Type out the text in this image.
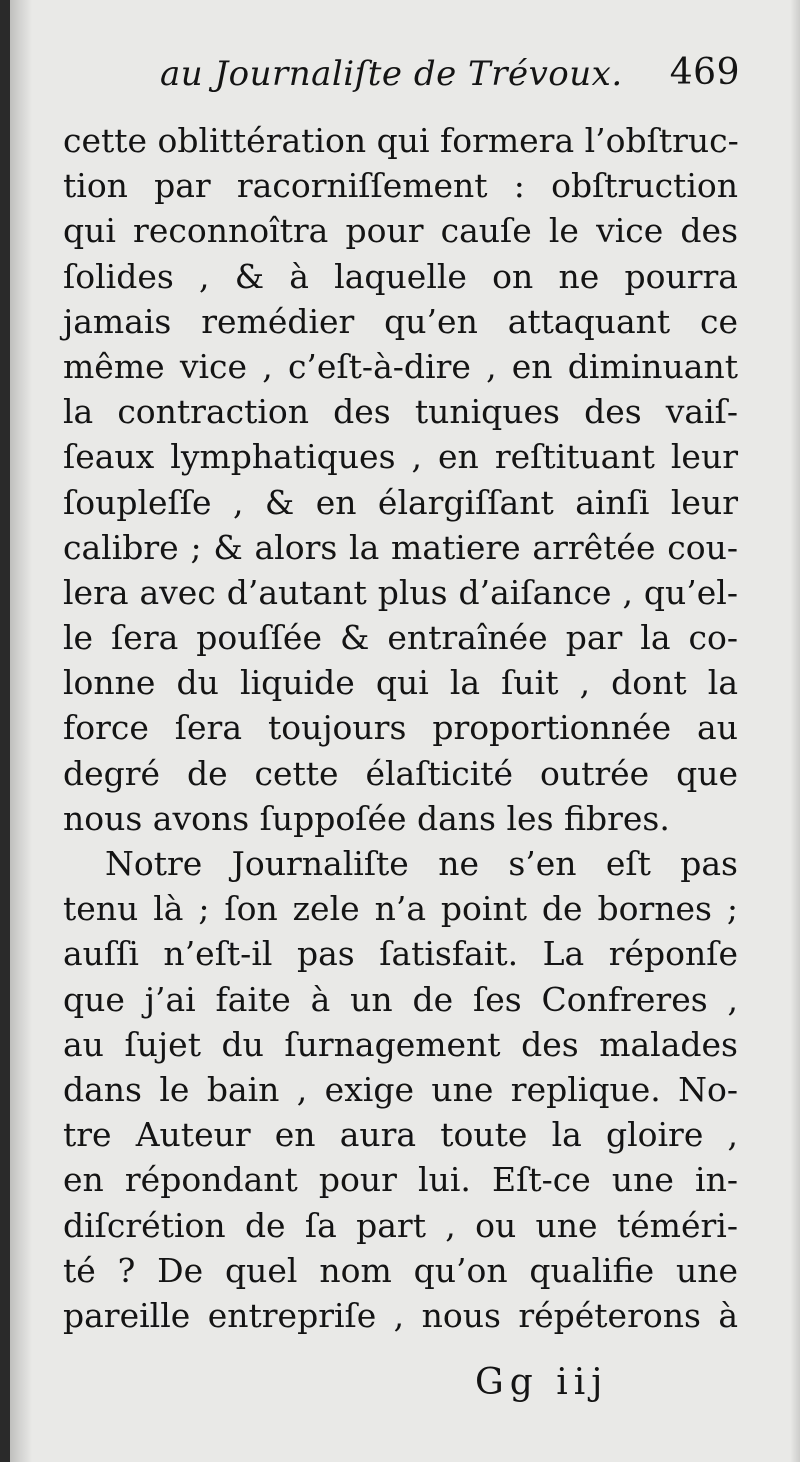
au Journaliſte de Trévoux. 469
cette oblittération qui formera l’obſtruc-
tion par racorniſſement : obſtruction
qui reconnoîtra pour cauſe le vice des
ſolides , & à laquelle on ne pourra
jamais remédier qu’en attaquant ce
même vice , c’eſt-à-dire , en diminuant
la contraction des tuniques des vaiſ-
ſeaux lymphatiques , en reſtituant leur
ſoupleſſe , & en élargiſſant ainſi leur
calibre ; & alors la matiere arrêtée cou-
lera avec d’autant plus d’aiſance , qu’el-
le ſera pouſſée & entraînée par la co-
lonne du liquide qui la ſuit , dont la
force ſera toujours proportionnée au
degré de cette élaſticité outrée que
nous avons ſuppoſée dans les fibres.
Notre Journaliſte ne s’en eſt pas
tenu là ; ſon zele n’a point de bornes ;
auſſi n’eſt-il pas ſatisfait. La réponſe
que j’ai faite à un de ſes Confreres ,
au ſujet du ſurnagement des malades
dans le bain , exige une replique. No-
tre Auteur en aura toute la gloire ,
en répondant pour lui. Eſt-ce une in-
diſcrétion de ſa part , ou une téméri-
té ? De quel nom qu’on qualifie une
pareille entrepriſe , nous répéterons à
Gg iij
